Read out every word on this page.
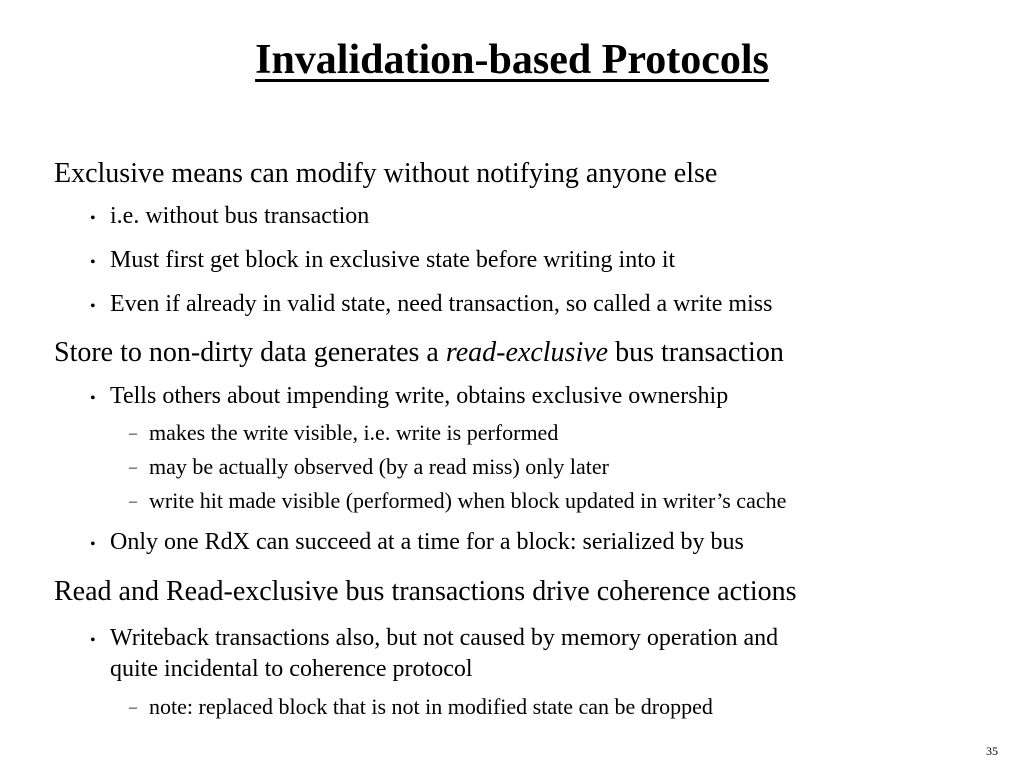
Invalidation-based Protocols
Exclusive means can modify without notifying anyone else
• i.e. without bus transaction
• Must first get block in exclusive state before writing into it
• Even if already in valid state, need transaction, so called a write miss
Store to non-dirty data generates a read-exclusive bus transaction
• Tells others about impending write, obtains exclusive ownership
– makes the write visible, i.e. write is performed
– may be actually observed (by a read miss) only later
– write hit made visible (performed) when block updated in writer’s cache
• Only one RdX can succeed at a time for a block: serialized by bus
Read and Read-exclusive bus transactions drive coherence actions
• Writeback transactions also, but not caused by memory operation and
quite incidental to coherence protocol
– note: replaced block that is not in modified state can be dropped
35
